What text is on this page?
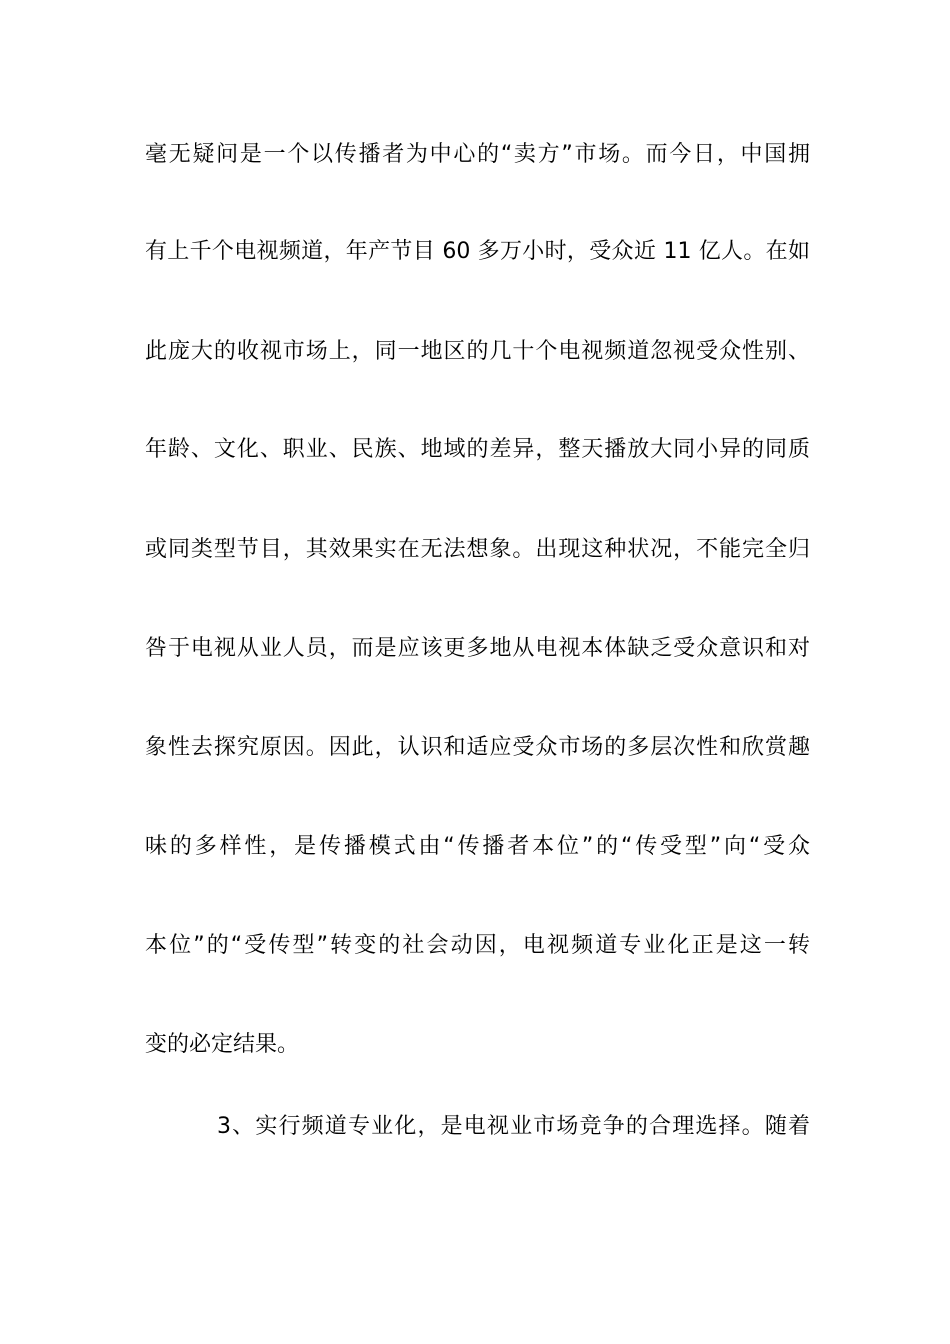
毫无疑问是一个以传播者为中心的“卖方”市场。而今日，中国拥
有上千个电视频道，年产节目 60 多万小时，受众近 11 亿人。在如
此庞大的收视市场上，同一地区的几十个电视频道忽视受众性别、
年龄、文化、职业、民族、地域的差异，整天播放大同小异的同质
或同类型节目，其效果实在无法想象。出现这种状况，不能完全归
咎于电视从业人员，而是应该更多地从电视本体缺乏受众意识和对
象性去探究原因。因此，认识和适应受众市场的多层次性和欣赏趣
味的多样性，是传播模式由“传播者本位”的“传受型”向“受众
本位”的“受传型”转变的社会动因，电视频道专业化正是这一转
变的必定结果。
3、实行频道专业化，是电视业市场竞争的合理选择。随着
